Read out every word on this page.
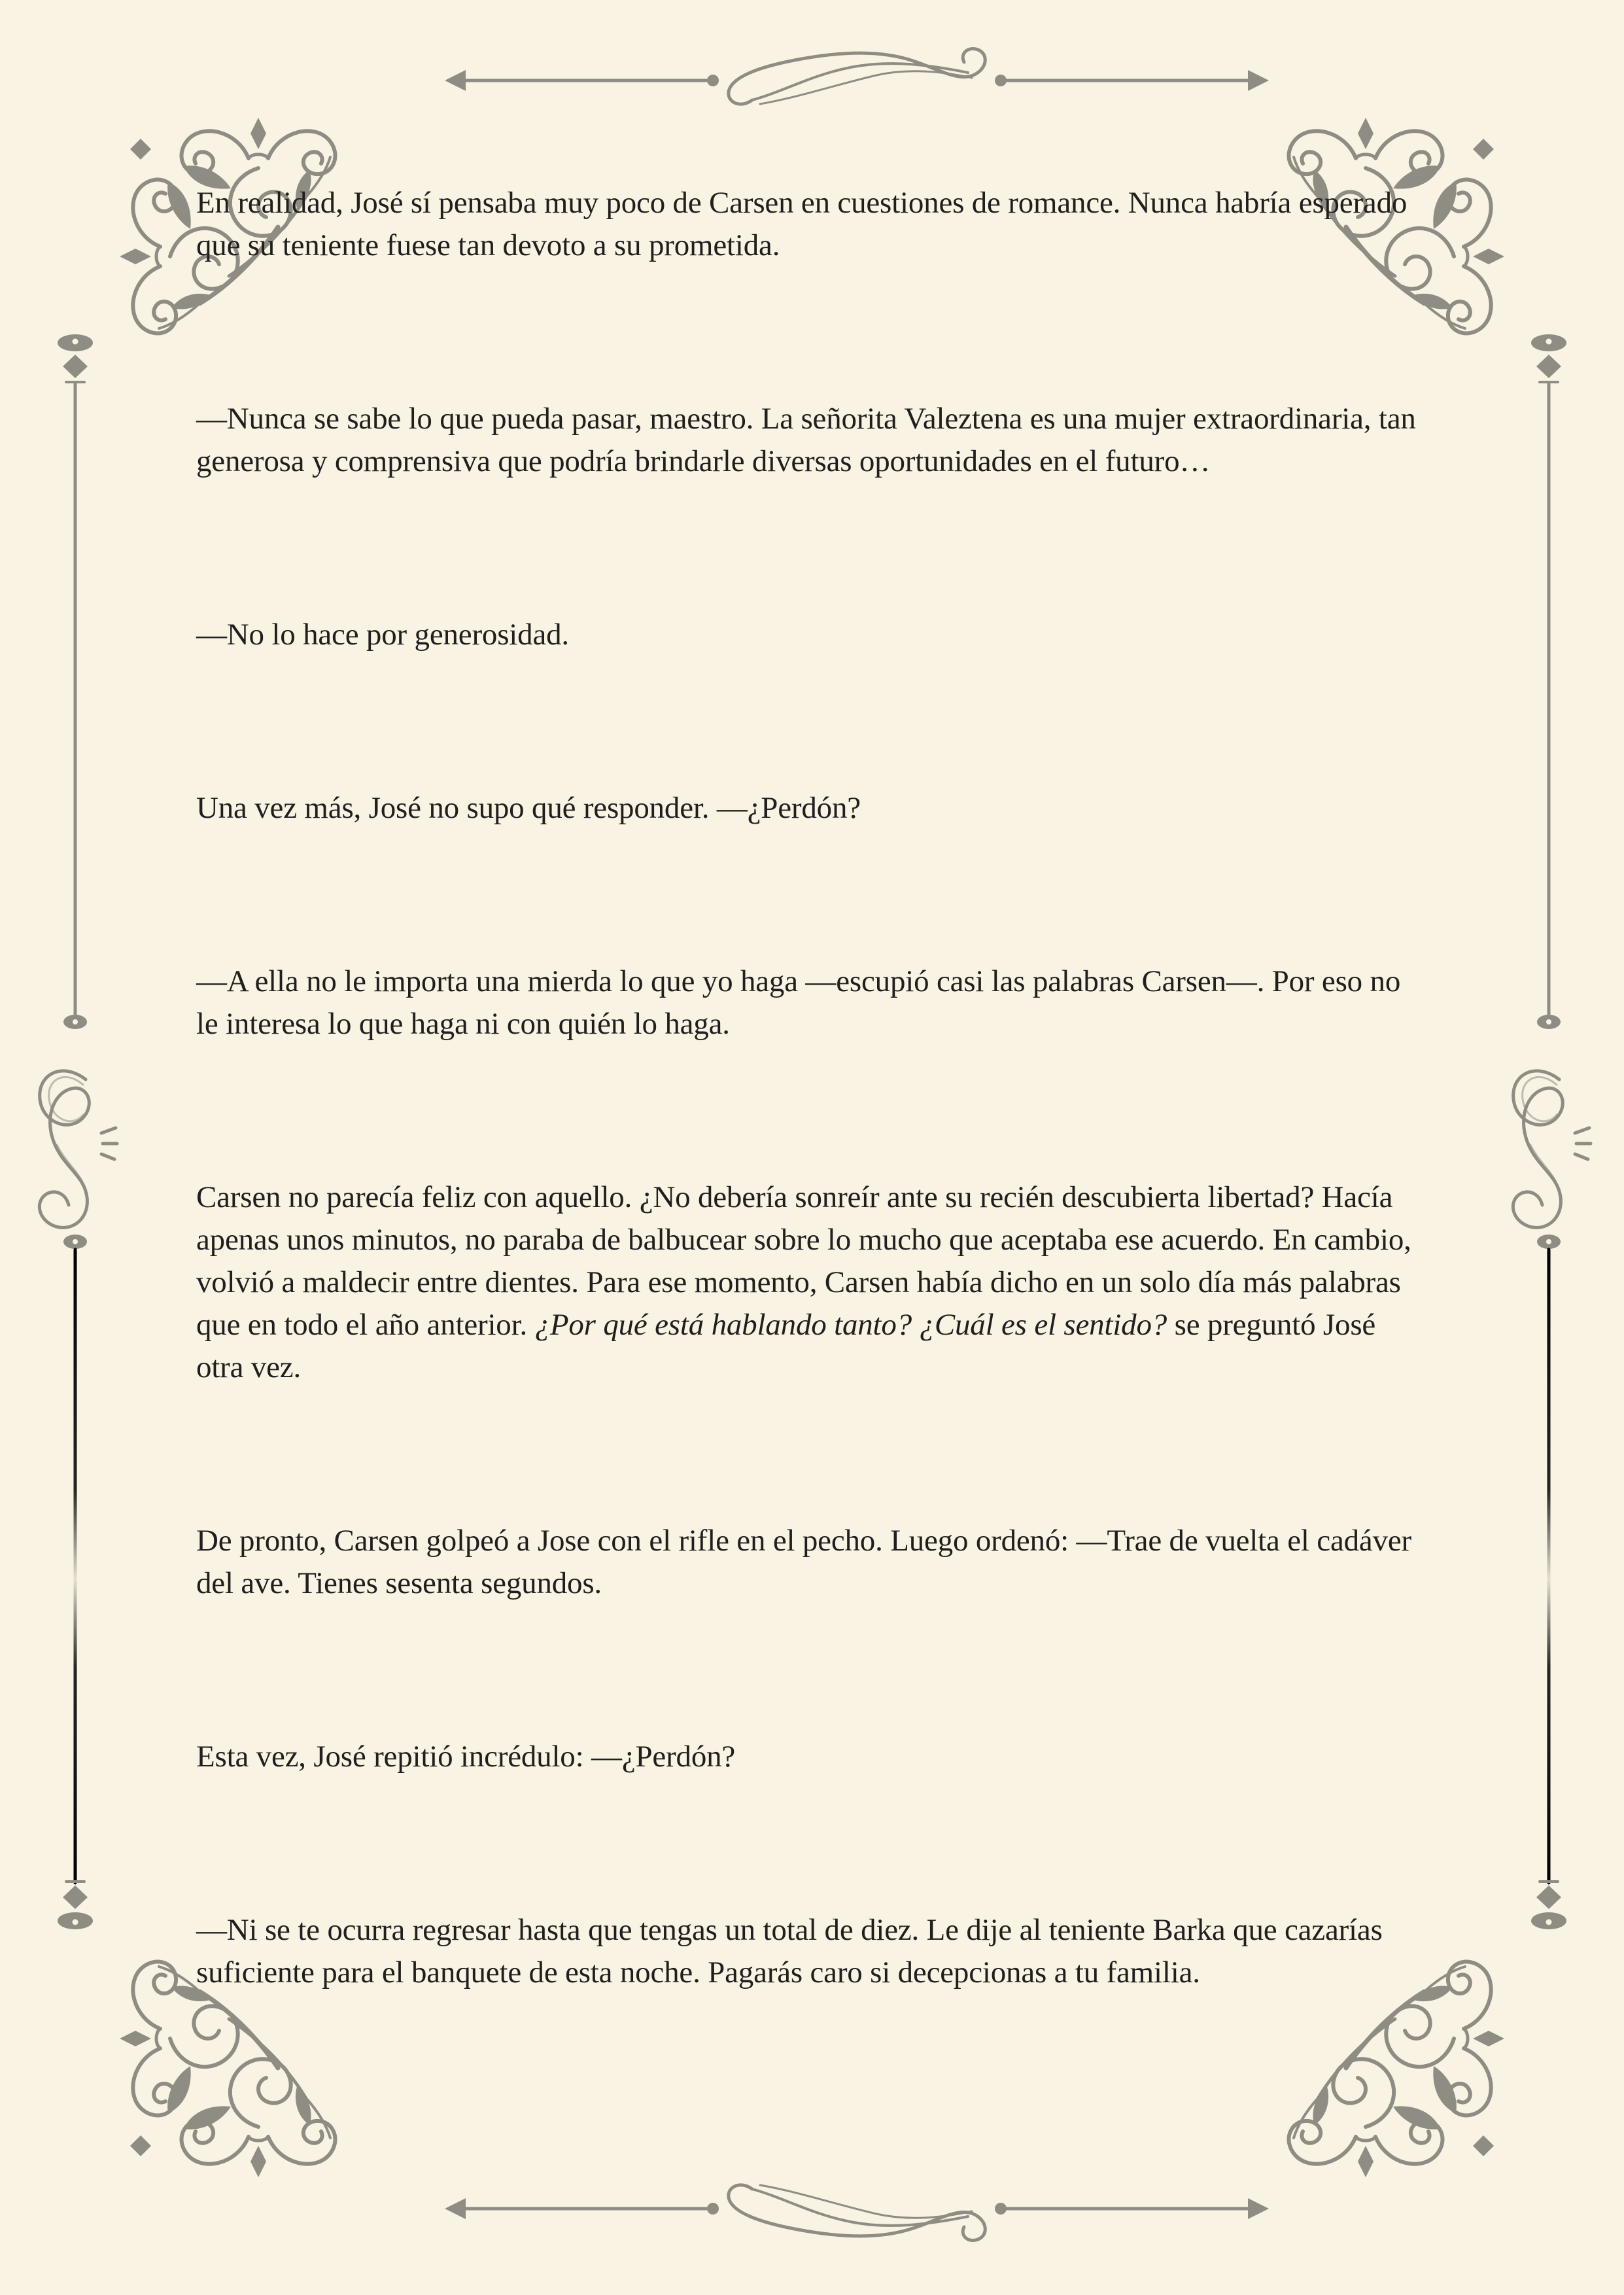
En realidad, José sí pensaba muy poco de Carsen en cuestiones de romance. Nunca habría esperado que su teniente fuese tan devoto a su prometida.

—Nunca se sabe lo que pueda pasar, maestro. La señorita Valeztena es una mujer extraordinaria, tan generosa y comprensiva que podría brindarle diversas oportunidades en el futuro…

—No lo hace por generosidad.

Una vez más, José no supo qué responder. —¿Perdón?

—A ella no le importa una mierda lo que yo haga —escupió casi las palabras Carsen—. Por eso no le interesa lo que haga ni con quién lo haga.

Carsen no parecía feliz con aquello. ¿No debería sonreír ante su recién descubierta libertad? Hacía apenas unos minutos, no paraba de balbucear sobre lo mucho que aceptaba ese acuerdo. En cambio, volvió a maldecir entre dientes. Para ese momento, Carsen había dicho en un solo día más palabras que en todo el año anterior. ¿Por qué está hablando tanto? ¿Cuál es el sentido? se preguntó José otra vez.

De pronto, Carsen golpeó a Jose con el rifle en el pecho. Luego ordenó: —Trae de vuelta el cadáver del ave. Tienes sesenta segundos.

Esta vez, José repitió incrédulo: —¿Perdón?

—Ni se te ocurra regresar hasta que tengas un total de diez. Le dije al teniente Barka que cazarías suficiente para el banquete de esta noche. Pagarás caro si decepcionas a tu familia.
